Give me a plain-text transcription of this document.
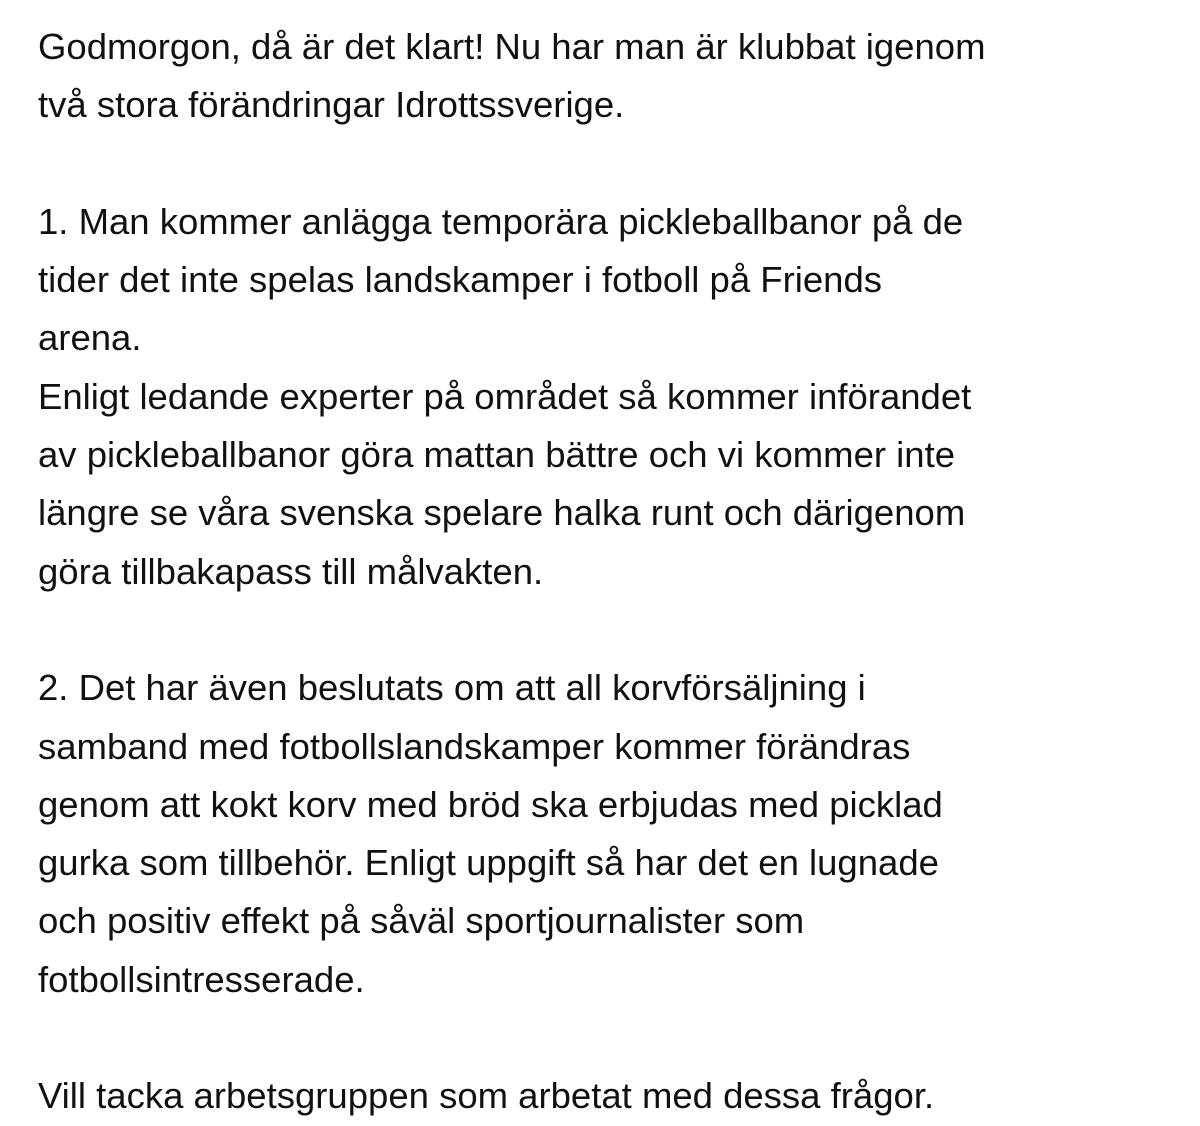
Godmorgon, då är det klart! Nu har man är klubbat igenom
två stora förändringar Idrottssverige.
1. Man kommer anlägga temporära pickleballbanor på de
tider det inte spelas landskamper i fotboll på Friends
arena.
Enligt ledande experter på området så kommer införandet
av pickleballbanor göra mattan bättre och vi kommer inte
längre se våra svenska spelare halka runt och därigenom
göra tillbakapass till målvakten.
2. Det har även beslutats om att all korvförsäljning i
samband med fotbollslandskamper kommer förändras
genom att kokt korv med bröd ska erbjudas med picklad
gurka som tillbehör. Enligt uppgift så har det en lugnade
och positiv effekt på såväl sportjournalister som
fotbollsintresserade.
Vill tacka arbetsgruppen som arbetat med dessa frågor.
